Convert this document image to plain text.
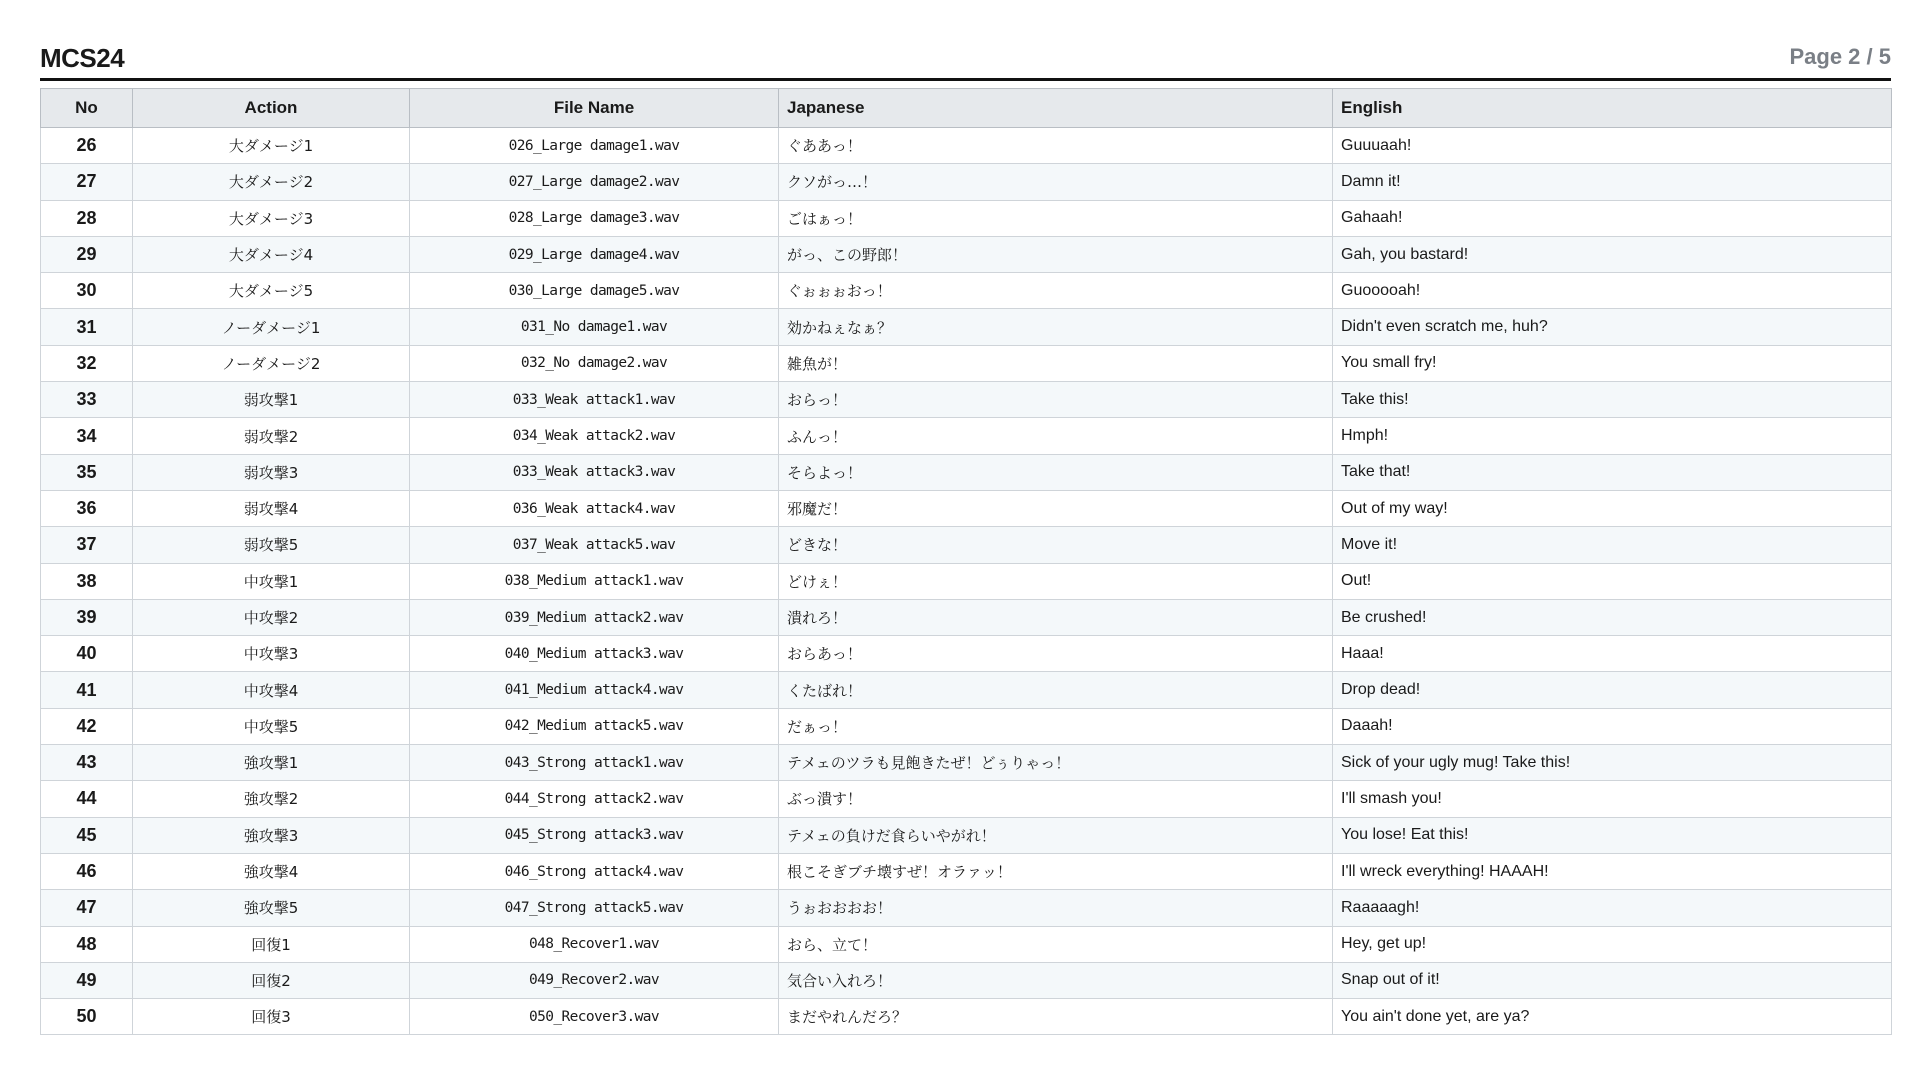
MCS24	Page 2 / 5
No	Action	File Name	Japanese	English
26	大ダメージ1	026_Large damage1.wav	ぐああっ！	Guuuaah!
27	大ダメージ2	027_Large damage2.wav	クソがっ…！	Damn it!
28	大ダメージ3	028_Large damage3.wav	ごはぁっ！	Gahaah!
29	大ダメージ4	029_Large damage4.wav	がっ、この野郎！	Gah, you bastard!
30	大ダメージ5	030_Large damage5.wav	ぐぉぉぉおっ！	Guooooah!
31	ノーダメージ1	031_No damage1.wav	効かねぇなぁ？	Didn't even scratch me, huh?
32	ノーダメージ2	032_No damage2.wav	雑魚が！	You small fry!
33	弱攻撃1	033_Weak attack1.wav	おらっ！	Take this!
34	弱攻撃2	034_Weak attack2.wav	ふんっ！	Hmph!
35	弱攻撃3	033_Weak attack3.wav	そらよっ！	Take that!
36	弱攻撃4	036_Weak attack4.wav	邪魔だ！	Out of my way!
37	弱攻撃5	037_Weak attack5.wav	どきな！	Move it!
38	中攻撃1	038_Medium attack1.wav	どけぇ！	Out!
39	中攻撃2	039_Medium attack2.wav	潰れろ！	Be crushed!
40	中攻撃3	040_Medium attack3.wav	おらあっ！	Haaa!
41	中攻撃4	041_Medium attack4.wav	くたばれ！	Drop dead!
42	中攻撃5	042_Medium attack5.wav	だぁっ！	Daaah!
43	強攻撃1	043_Strong attack1.wav	テメェのツラも見飽きたぜ！どぅりゃっ！	Sick of your ugly mug! Take this!
44	強攻撃2	044_Strong attack2.wav	ぶっ潰す！	I'll smash you!
45	強攻撃3	045_Strong attack3.wav	テメェの負けだ食らいやがれ！	You lose! Eat this!
46	強攻撃4	046_Strong attack4.wav	根こそぎブチ壊すぜ！オラァッ！	I'll wreck everything! HAAAH!
47	強攻撃5	047_Strong attack5.wav	うぉおおおお！	Raaaaagh!
48	回復1	048_Recover1.wav	おら、立て！	Hey, get up!
49	回復2	049_Recover2.wav	気合い入れろ！	Snap out of it!
50	回復3	050_Recover3.wav	まだやれんだろ？	You ain't done yet, are ya?
